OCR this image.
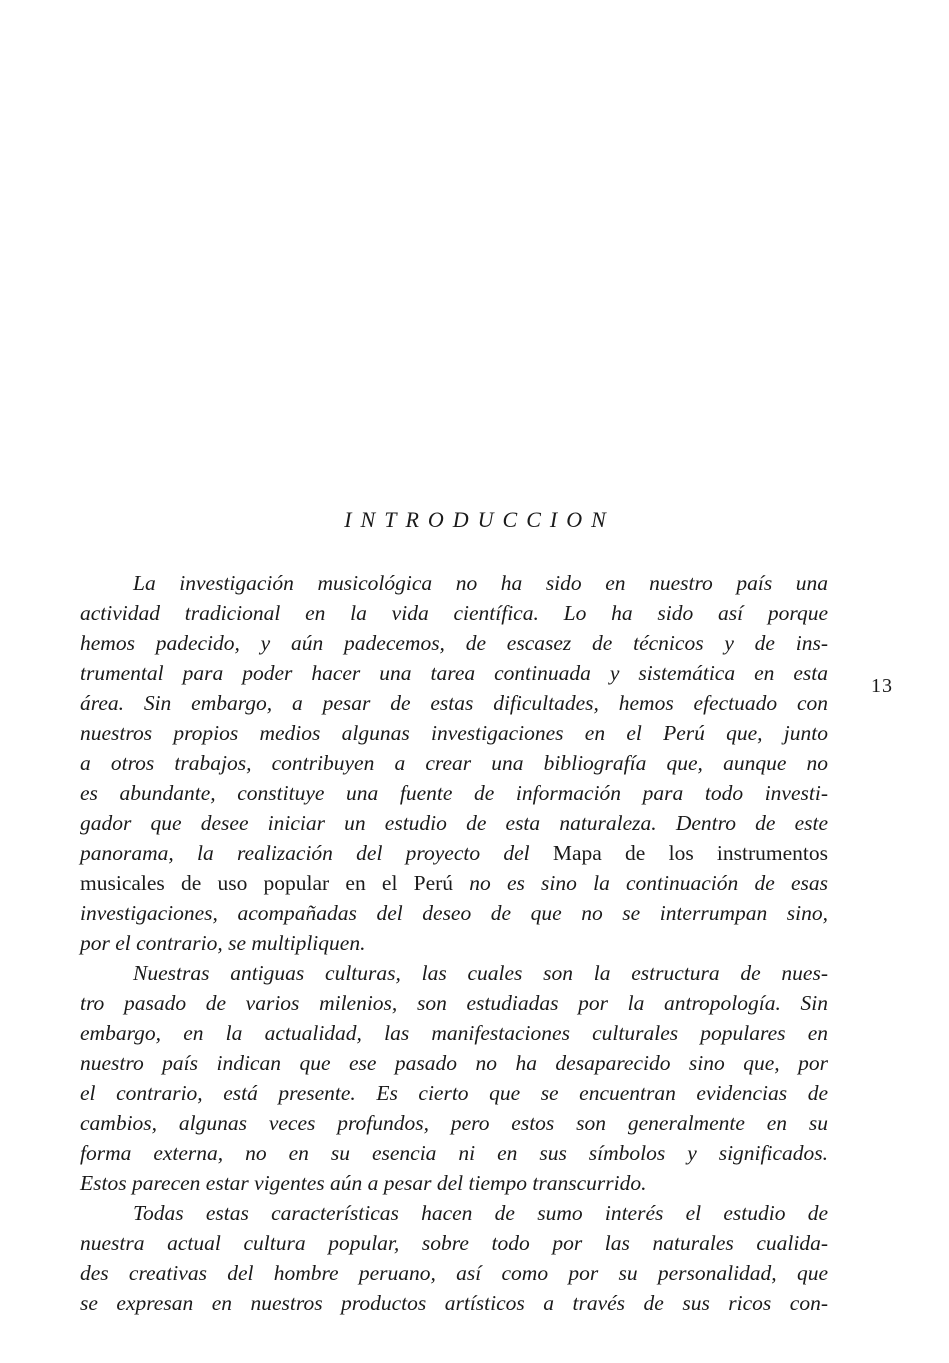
INTRODUCCION
13
La investigación musicológica no ha sido en nuestro país una
actividad tradicional en la vida científica. Lo ha sido así porque
hemos padecido, y aún padecemos, de escasez de técnicos y de ins-
trumental para poder hacer una tarea continuada y sistemática en esta
área. Sin embargo, a pesar de estas dificultades, hemos efectuado con
nuestros propios medios algunas investigaciones en el Perú que, junto
a otros trabajos, contribuyen a crear una bibliografía que, aunque no
es abundante, constituye una fuente de información para todo investi-
gador que desee iniciar un estudio de esta naturaleza. Dentro de este
panorama, la realización del proyecto del Mapa de los instrumentos
musicales de uso popular en el Perú no es sino la continuación de esas
investigaciones, acompañadas del deseo de que no se interrumpan sino,
por el contrario, se multipliquen.
Nuestras antiguas culturas, las cuales son la estructura de nues-
tro pasado de varios milenios, son estudiadas por la antropología. Sin
embargo, en la actualidad, las manifestaciones culturales populares en
nuestro país indican que ese pasado no ha desaparecido sino que, por
el contrario, está presente. Es cierto que se encuentran evidencias de
cambios, algunas veces profundos, pero estos son generalmente en su
forma externa, no en su esencia ni en sus símbolos y significados.
Estos parecen estar vigentes aún a pesar del tiempo transcurrido.
Todas estas características hacen de sumo interés el estudio de
nuestra actual cultura popular, sobre todo por las naturales cualida-
des creativas del hombre peruano, así como por su personalidad, que
se expresan en nuestros productos artísticos a través de sus ricos con-
